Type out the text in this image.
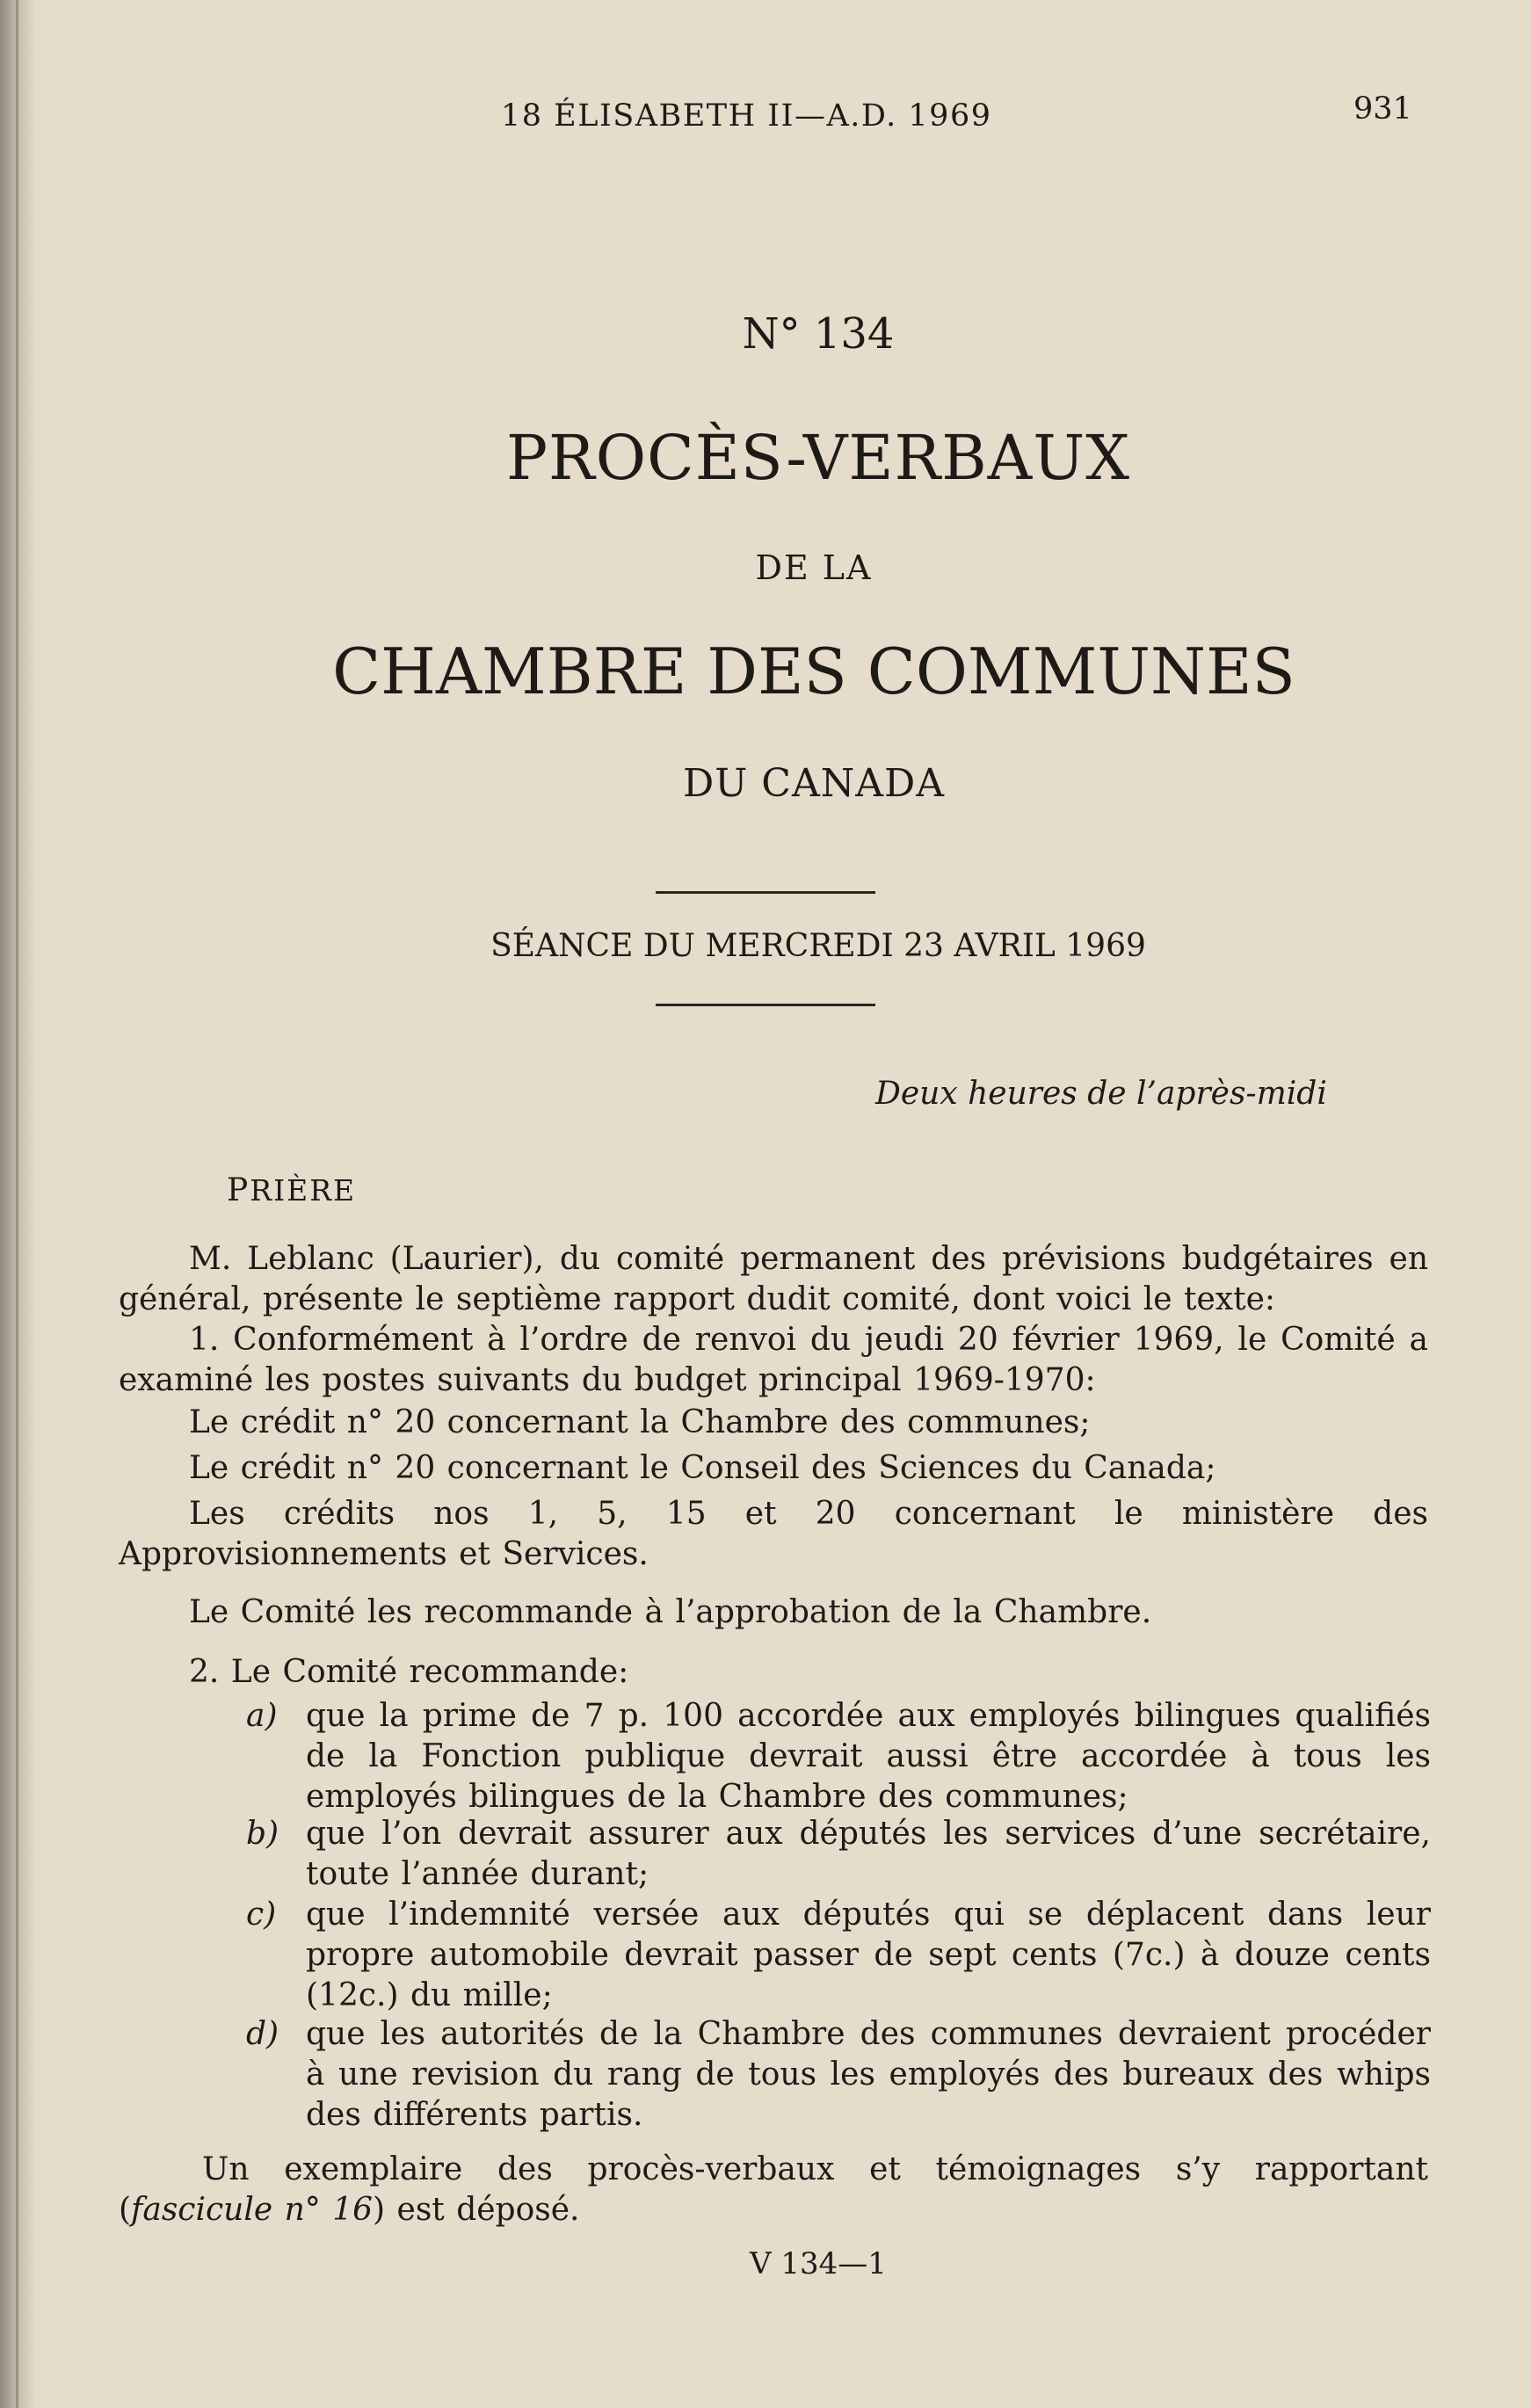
18 ÉLISABETH II—A.D. 1969	931
N° 134
PROCÈS-VERBAUX
DE LA
CHAMBRE DES COMMUNES
DU CANADA
SÉANCE DU MERCREDI 23 AVRIL 1969
Deux heures de l’après-midi
PRIÈRE
M. Leblanc (Laurier), du comité permanent des prévisions budgétaires en général, présente le septième rapport dudit comité, dont voici le texte:
1. Conformément à l’ordre de renvoi du jeudi 20 février 1969, le Comité a examiné les postes suivants du budget principal 1969-1970:
Le crédit n° 20 concernant la Chambre des communes;
Le crédit n° 20 concernant le Conseil des Sciences du Canada;
Les crédits nos 1, 5, 15 et 20 concernant le ministère des Approvisionnements et Services.
Le Comité les recommande à l’approbation de la Chambre.
2. Le Comité recommande:
a) que la prime de 7 p. 100 accordée aux employés bilingues qualifiés de la Fonction publique devrait aussi être accordée à tous les employés bilingues de la Chambre des communes;
b) que l’on devrait assurer aux députés les services d’une secrétaire, toute l’année durant;
c) que l’indemnité versée aux députés qui se déplacent dans leur propre automobile devrait passer de sept cents (7c.) à douze cents (12c.) du mille;
d) que les autorités de la Chambre des communes devraient procéder à une revision du rang de tous les employés des bureaux des whips des différents partis.
Un exemplaire des procès-verbaux et témoignages s’y rapportant (fascicule n° 16) est déposé.
V 134—1
